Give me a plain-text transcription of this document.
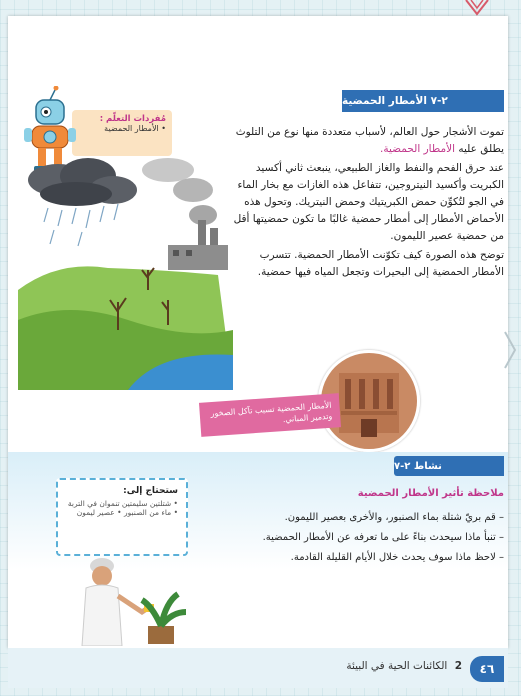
٢-٧ الأمطار الحمضية

تموت الأشجار حول العالم، لأسباب متعددة منها نوع من التلوث يطلق عليه الأمطار الحمضية.

عند حرق الفحم والنفط والغاز الطبيعي، ينبعث ثاني أكسيد الكبريت وأكسيد النيتروجين، تتفاعل هذه الغازات مع بخار الماء في الجو لتُكوِّن حمض الكبريتيك وحمض النيتريك. وتحول هذه الأحماض الأمطار إلى أمطار حمضية غالبًا ما تكون حمضيتها أقل من حمضية عصير الليمون.

توضح هذه الصورة كيف تكوّنت الأمطار الحمضية. تتسرب الأمطار الحمضية إلى البحيرات وتجعل المياه فيها حمضية.

مُفردات التعلّم :
• الأمطار الحمضية
الأمطار الحمضية تسبب تآكل الصخور وتدمير المباني.
نشاط ٢-٧
ملاحظة تأثير الأمطار الحمضية
– قم بريّ شتلة بماء الصنبور، والأخرى بعصير الليمون.
– تنبأ ماذا سيحدث بناءً على ما تعرفه عن الأمطار الحمضية.
– لاحظ ماذا سوف يحدث خلال الأيام القليلة القادمة.
ستحتاج إلى:
• شتلتين سليمتين تنموان في التربة
• ماء من الصنبور • عصير ليمون
2 الكائنات الحية في البيئة	٤٦
